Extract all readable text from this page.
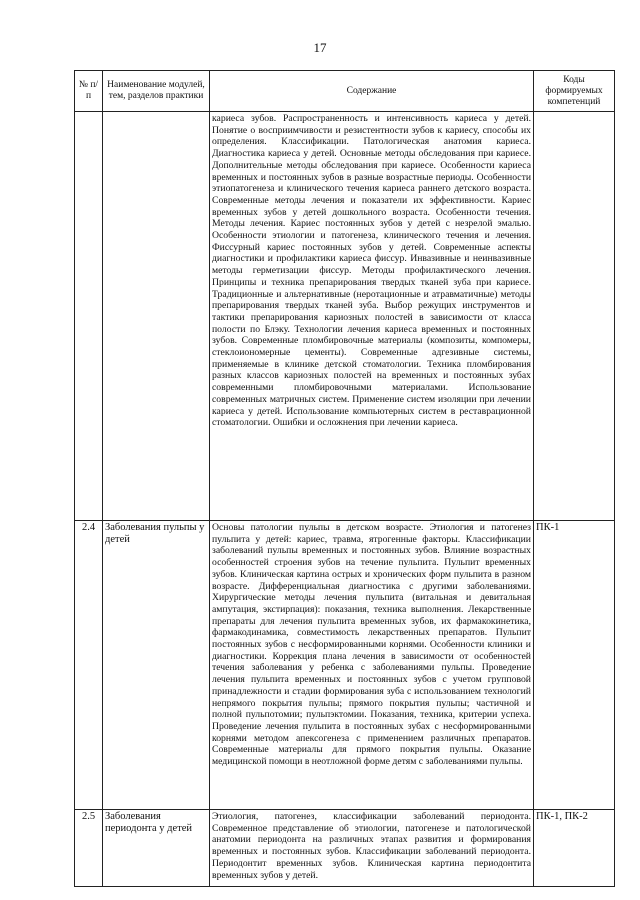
17
№ п/п	Наименование модулей, тем, разделов практики	Содержание	Коды формируемых компетенций
		кариеса зубов. Распространенность и интенсивность кариеса у детей. Понятие о восприимчивости и резистентности зубов к кариесу, способы их определения. Классификации. Патологическая анатомия кариеса. Диагностика кариеса у детей. Основные методы обследования при кариесе. Дополнительные методы обследования при кариесе. Особенности кариеса временных и постоянных зубов в разные возрастные периоды. Особенности этиопатогенеза и клинического течения кариеса раннего детского возраста. Современные методы лечения и показатели их эффективности. Кариес временных зубов у детей дошкольного возраста. Особенности течения. Методы лечения. Кариес постоянных зубов у детей с незрелой эмалью. Особенности этиологии и патогенеза, клинического течения и лечения. Фиссурный кариес постоянных зубов у детей. Современные аспекты диагностики и профилактики кариеса фиссур. Инвазивные и неинвазивные методы герметизации фиссур. Методы профилактического лечения. Принципы и техника препарирования твердых тканей зуба при кариесе. Традиционные и альтернативные (неротационные и атравматичные) методы препарирования твердых тканей зуба. Выбор режущих инструментов и тактики препарирования кариозных полостей в зависимости от класса полости по Блэку. Технологии лечения кариеса временных и постоянных зубов. Современные пломбировочные материалы (композиты, компомеры, стеклоиономерные цементы). Современные адгезивные системы, применяемые в клинике детской стоматологии. Техника пломбирования разных классов кариозных полостей на временных и постоянных зубах современными пломбировочными материалами. Использование современных матричных систем. Применение систем изоляции при лечении кариеса у детей. Использование компьютерных систем в реставрационной стоматологии. Ошибки и осложнения при лечении кариеса.	
2.4	Заболевания пульпы у детей	Основы патологии пульпы в детском возрасте. Этиология и патогенез пульпита у детей: кариес, травма, ятрогенные факторы. Классификации заболеваний пульпы временных и постоянных зубов. Влияние возрастных особенностей строения зубов на течение пульпита. Пульпит временных зубов. Клиническая картина острых и хронических форм пульпита в разном возрасте. Дифференциальная диагностика с другими заболеваниями. Хирургические методы лечения пульпита (витальная и девитальная ампутация, экстирпация): показания, техника выполнения. Лекарственные препараты для лечения пульпита временных зубов, их фармакокинетика, фармакодинамика, совместимость лекарственных препаратов. Пульпит постоянных зубов с несформированными корнями. Особенности клиники и диагностики. Коррекция плана лечения в зависимости от особенностей течения заболевания у ребенка с заболеваниями пульпы. Проведение лечения пульпита временных и постоянных зубов с учетом групповой принадлежности и стадии формирования зуба с использованием технологий непрямого покрытия пульпы; прямого покрытия пульпы; частичной и полной пульпотомии; пульпэктомии. Показания, техника, критерии успеха. Проведение лечения пульпита в постоянных зубах с несформированными корнями методом апексогенеза с применением различных препаратов. Современные материалы для прямого покрытия пульпы. Оказание медицинской помощи в неотложной форме детям с заболеваниями пульпы.	ПК-1
2.5	Заболевания периодонта у детей	Этиология, патогенез, классификации заболеваний периодонта. Современное представление об этиологии, патогенезе и патологической анатомии периодонта на различных этапах развития и формирования временных и постоянных зубов. Классификации заболеваний периодонта. Периодонтит временных зубов. Клиническая картина периодонтита временных зубов у детей.	ПК-1, ПК-2
